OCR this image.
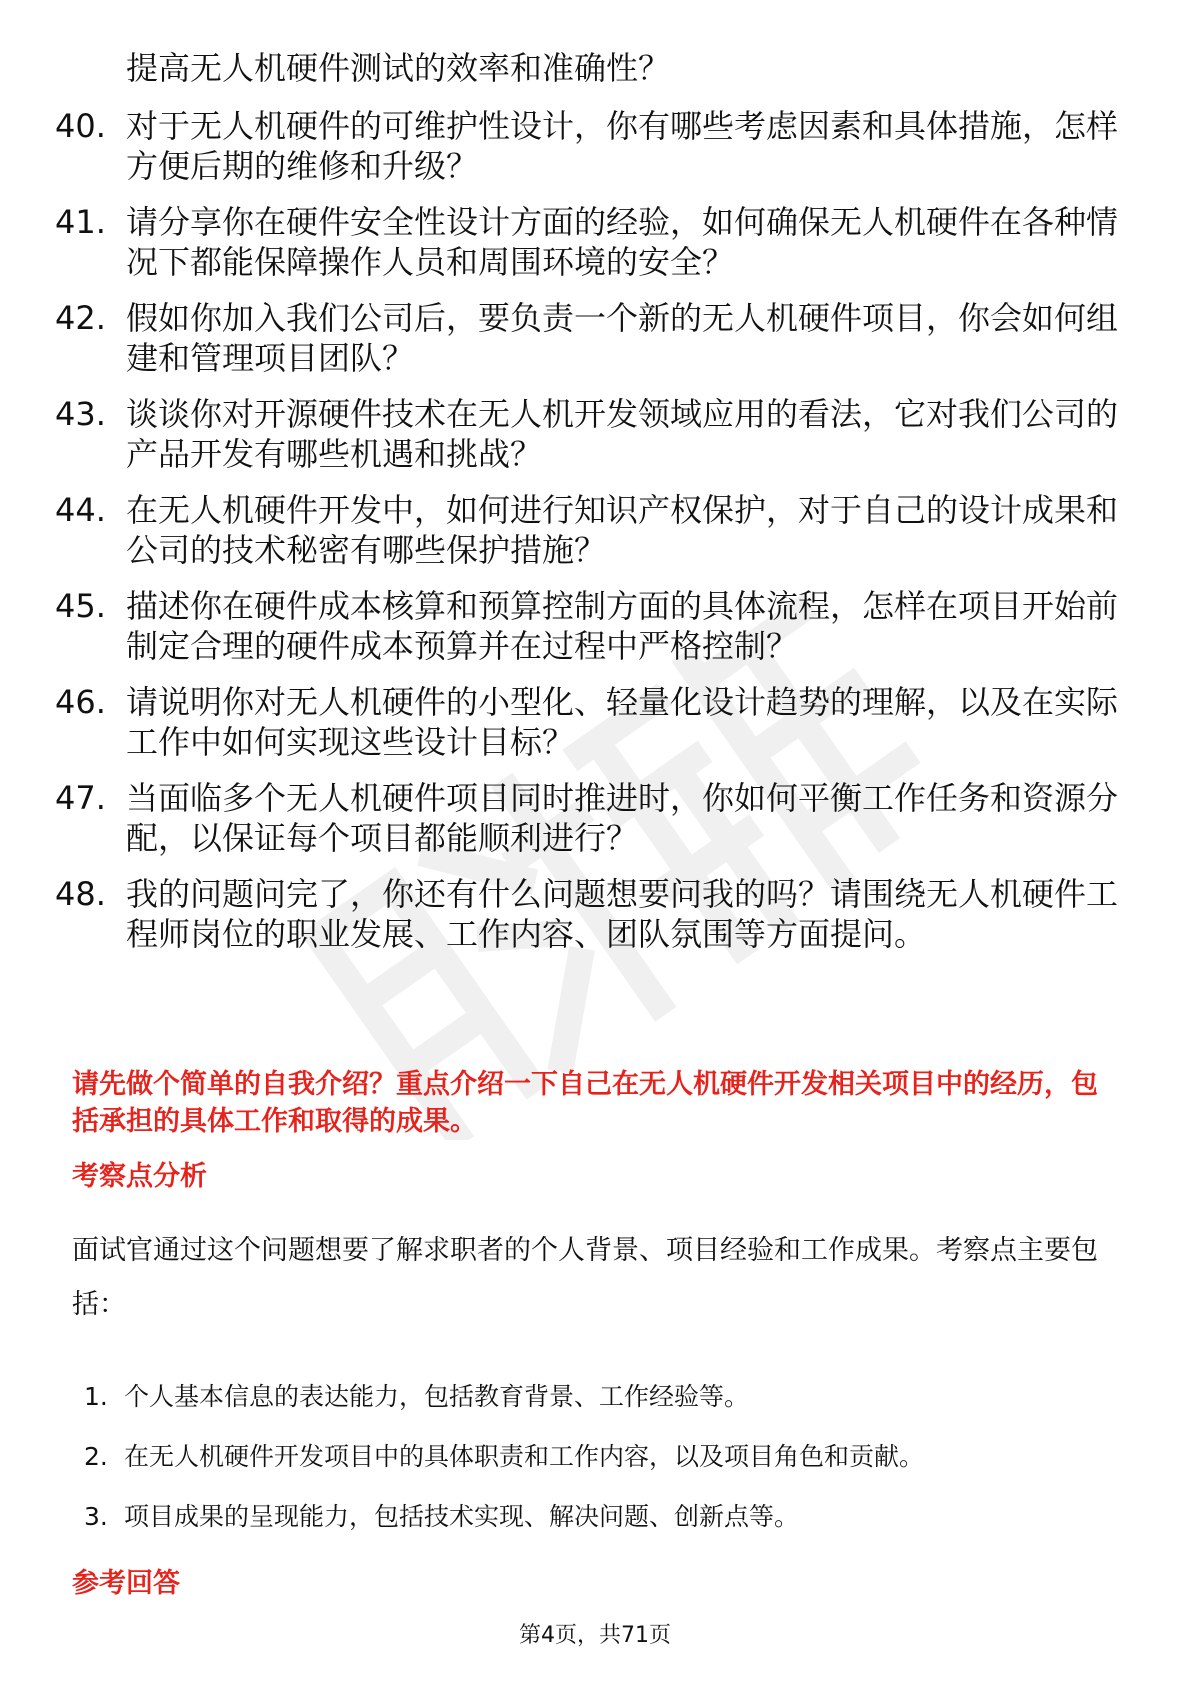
提高无人机硬件测试的效率和准确性？
40. 对于无人机硬件的可维护性设计，你有哪些考虑因素和具体措施，怎样方便后期的维修和升级？
41. 请分享你在硬件安全性设计方面的经验，如何确保无人机硬件在各种情况下都能保障操作人员和周围环境的安全？
42. 假如你加入我们公司后，要负责一个新的无人机硬件项目，你会如何组建和管理项目团队？
43. 谈谈你对开源硬件技术在无人机开发领域应用的看法，它对我们公司的产品开发有哪些机遇和挑战？
44. 在无人机硬件开发中，如何进行知识产权保护，对于自己的设计成果和公司的技术秘密有哪些保护措施？
45. 描述你在硬件成本核算和预算控制方面的具体流程，怎样在项目开始前制定合理的硬件成本预算并在过程中严格控制？
46. 请说明你对无人机硬件的小型化、轻量化设计趋势的理解，以及在实际工作中如何实现这些设计目标？
47. 当面临多个无人机硬件项目同时推进时，你如何平衡工作任务和资源分配，以保证每个项目都能顺利进行？
48. 我的问题问完了，你还有什么问题想要问我的吗？请围绕无人机硬件工程师岗位的职业发展、工作内容、团队氛围等方面提问。
请先做个简单的自我介绍？重点介绍一下自己在无人机硬件开发相关项目中的经历，包括承担的具体工作和取得的成果。
考察点分析
面试官通过这个问题想要了解求职者的个人背景、项目经验和工作成果。考察点主要包括：
1. 个人基本信息的表达能力，包括教育背景、工作经验等。
2. 在无人机硬件开发项目中的具体职责和工作内容，以及项目角色和贡献。
3. 项目成果的呈现能力，包括技术实现、解决问题、创新点等。
参考回答
第4页，共71页
